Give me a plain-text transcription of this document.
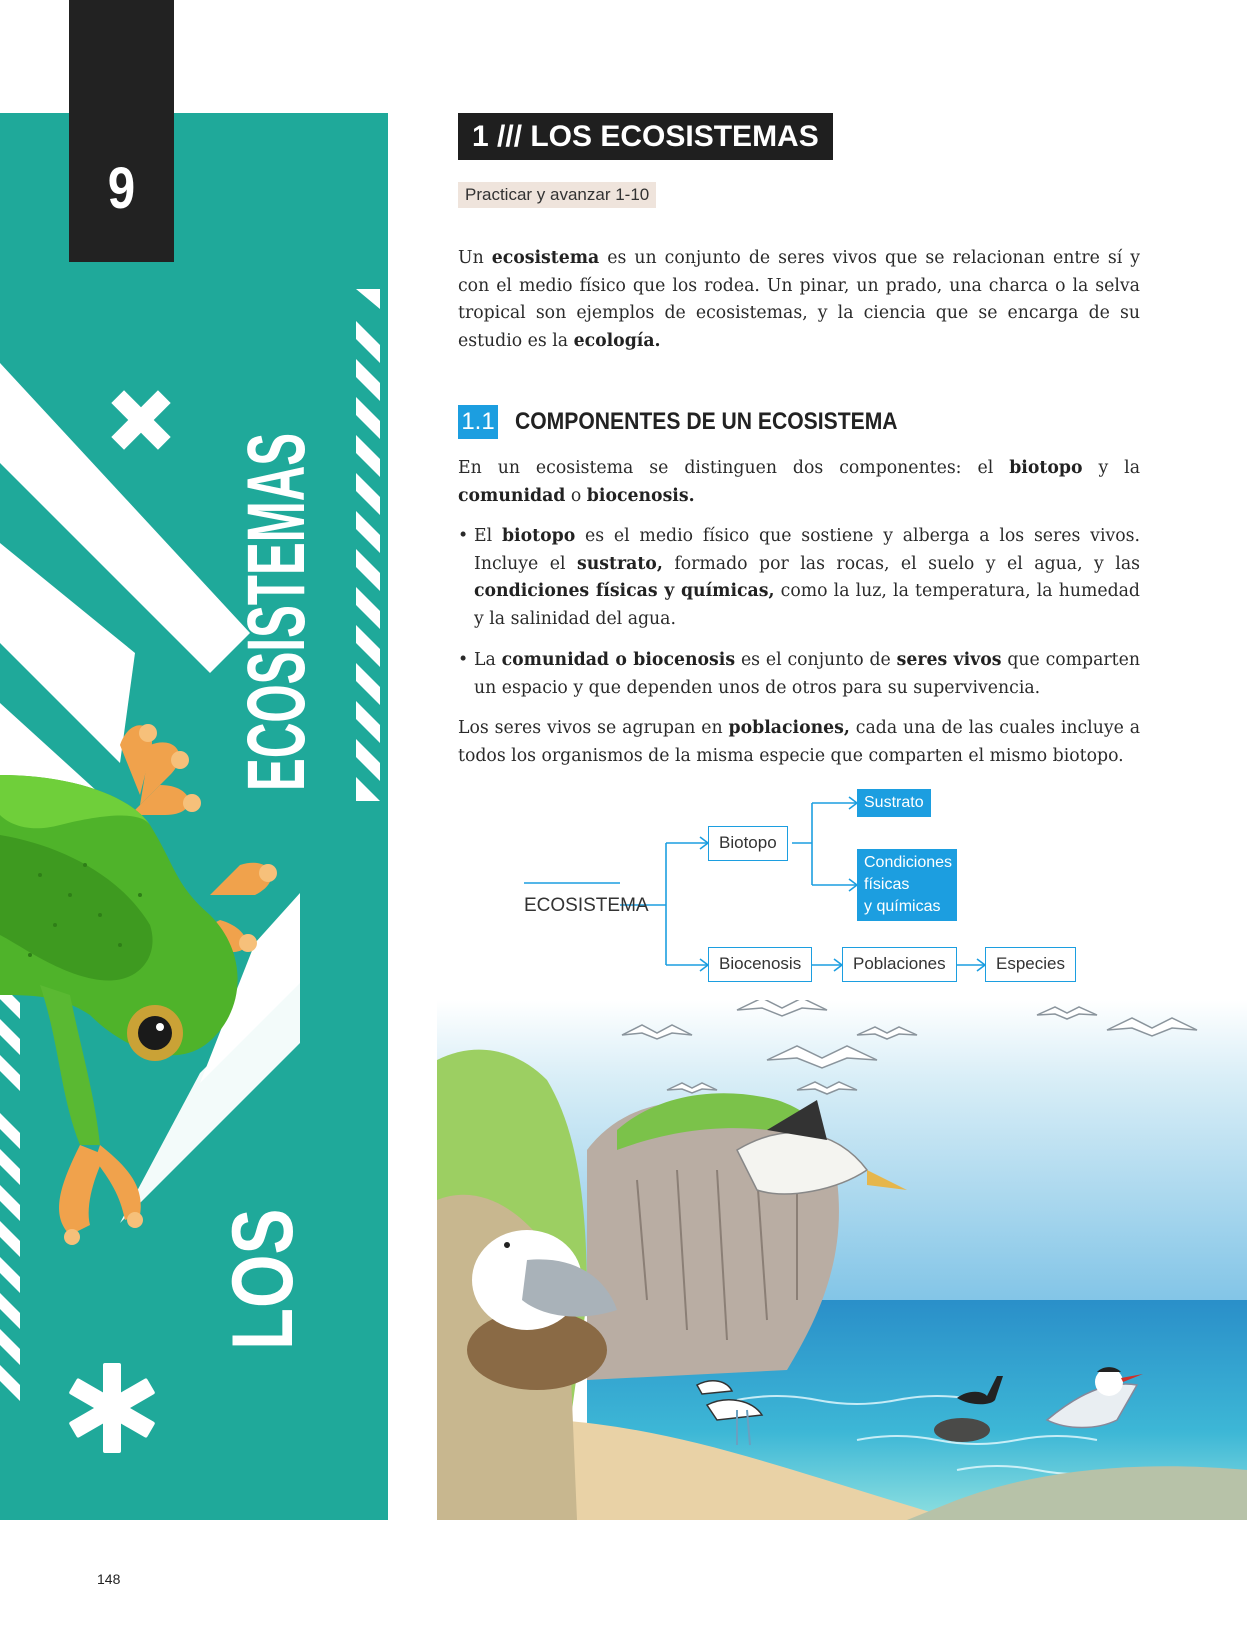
LOS
ECOSISTEMAS
9
1 /// LOS ECOSISTEMAS
Practicar y avanzar 1-10

Un ecosistema es un conjunto de seres vivos que se relacionan entre sí y con el medio físico que los rodea. Un pinar, un prado, una charca o la selva tropical son ejemplos de ecosistemas, y la ciencia que se encarga de su estudio es la ecología.

1.1 COMPONENTES DE UN ECOSISTEMA

En un ecosistema se distinguen dos componentes: el biotopo y la comunidad o biocenosis.

• El biotopo es el medio físico que sostiene y alberga a los seres vivos. Incluye el sustrato, formado por las rocas, el suelo y el agua, y las condiciones físicas y químicas, como la luz, la temperatura, la humedad y la salinidad del agua.

• La comunidad o biocenosis es el conjunto de seres vivos que comparten un espacio y que dependen unos de otros para su supervivencia.

Los seres vivos se agrupan en poblaciones, cada una de las cuales incluye a todos los organismos de la misma especie que comparten el mismo biotopo.

ECOSISTEMA
Biotopo
Sustrato
Condiciones
físicas
y químicas
Biocenosis	Poblaciones	Especies
148
